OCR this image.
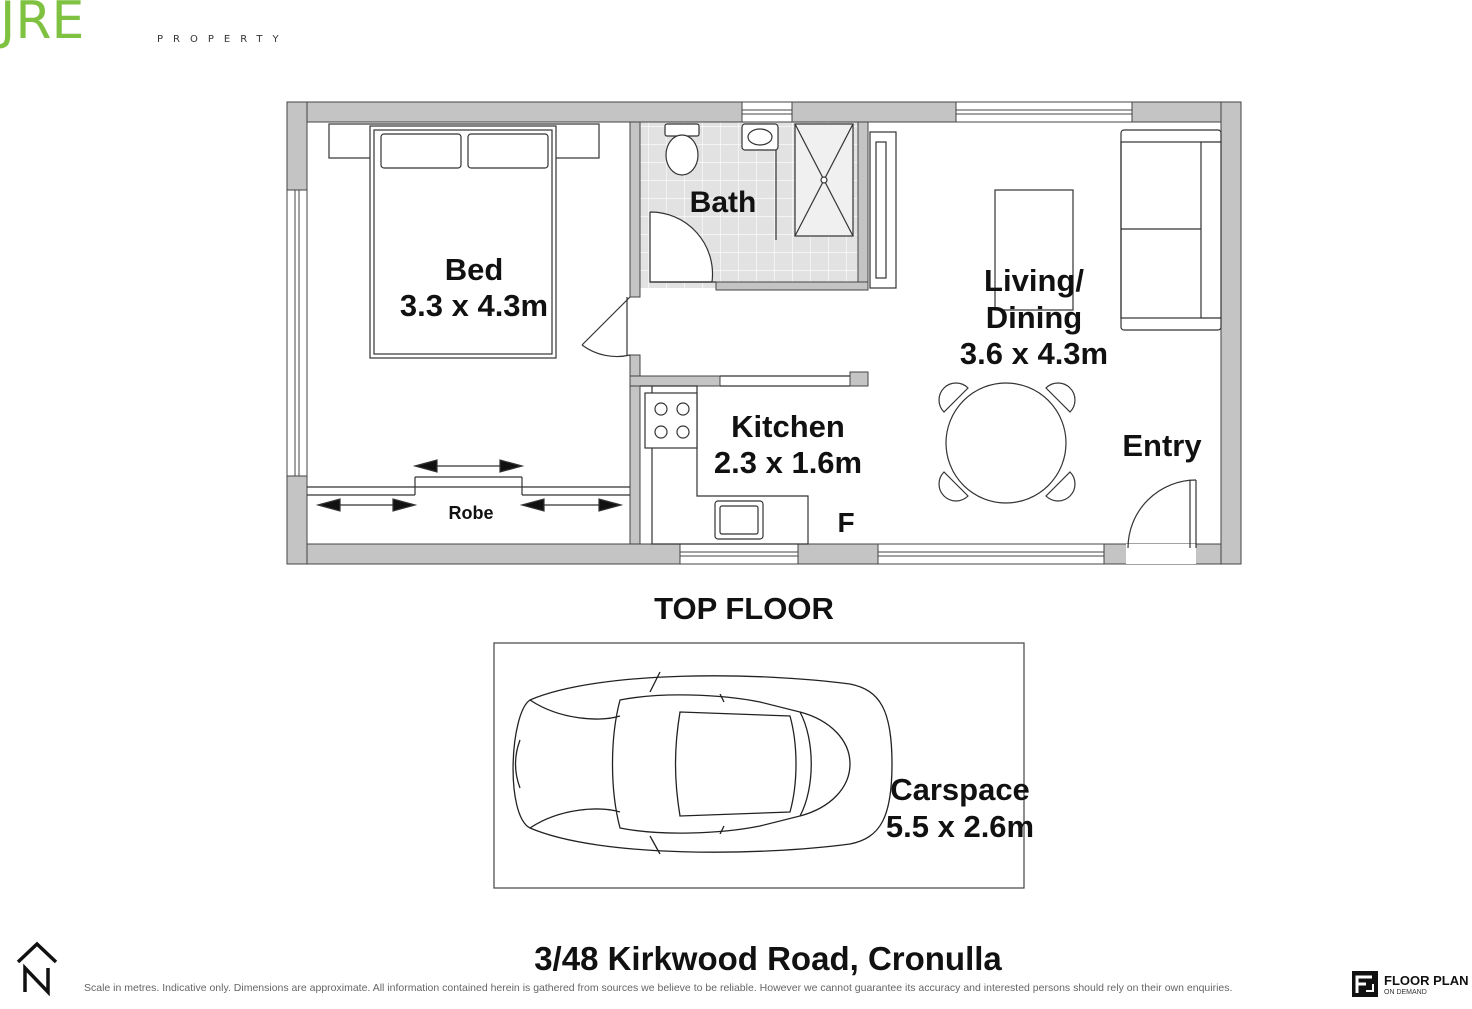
JRE	PROPERTY
Bed
3.3 x 4.3m
Bath
Living/
Dining
3.6 x 4.3m
Kitchen
2.3 x 1.6m	Entry
Robe	F
TOP FLOOR
Carspace
5.5 x 2.6m
3/48 Kirkwood Road, Cronulla
Scale in metres. Indicative only. Dimensions are approximate. All information contained herein is gathered from sources we believe to be reliable. However we cannot guarantee its accuracy and interested persons should rely on their own enquiries.	FLOOR PLAN
ON DEMAND
